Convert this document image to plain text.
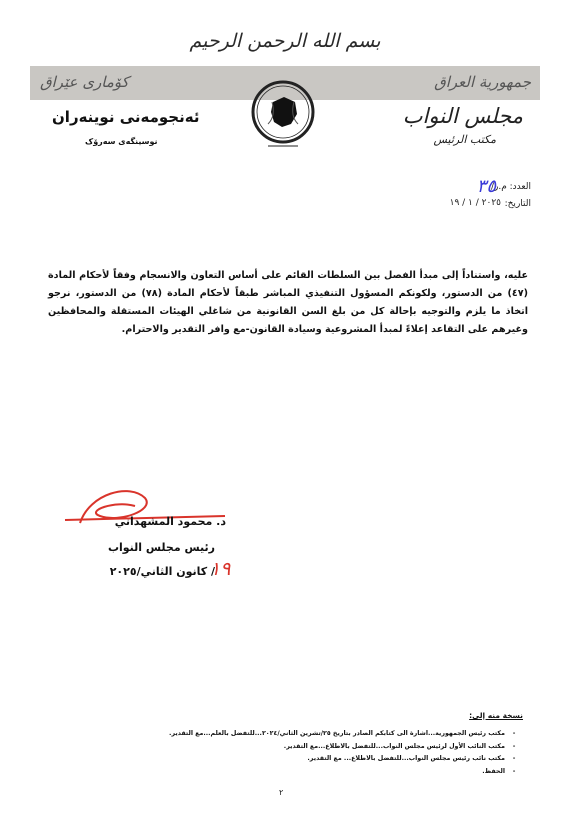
بسم الله الرحمن الرحيم
كۆماری عێراق	جمهورية العراق
ئەنجومەنی نوینەران
نوسینگەی سەرۆک
مجلس النواب
مكتب الرئيس
العدد: م.ر/
٣٥
التاريخ:
٢٠٢٥ / ١ / ١٩
عليه، واستناداً إلى مبدأ الفصل بين السلطات القائم على أساس التعاون والانسجام وفقاً لأحكام المادة (٤٧) من الدستور، ولكونكم المسؤول التنفيذي المباشر طبقاً لأحكام المادة (٧٨) من الدستور، نرجو اتخاذ ما يلزم والتوجيه بإحالة كل من بلغ السن القانونية من شاغلي الهيئات المستقلة والمحافظين وغيرهم على التقاعد إعلاءً لمبدأ المشروعية وسيادة القانون-مع وافر التقدير والاحترام.
د. محمود المشهداني
رئيس مجلس النواب
١٩
/ كانون الثاني/٢٠٢٥
نسخة منه إلى:
-
مكتب رئيس الجمهورية...اشارة الى كتابكم الصادر بتاريخ ٢٥/تشرين الثاني/٢٠٢٤...للتفضل بالعلم...مع التقدير.
-
مكتب النائب الأول لرئيس مجلس النواب...للتفضل بالاطلاع...مع التقدير.
-
مكتب نائب رئيس مجلس النواب...للتفضل بالاطلاع... مع التقدير.
-
الحفظ.
٢
